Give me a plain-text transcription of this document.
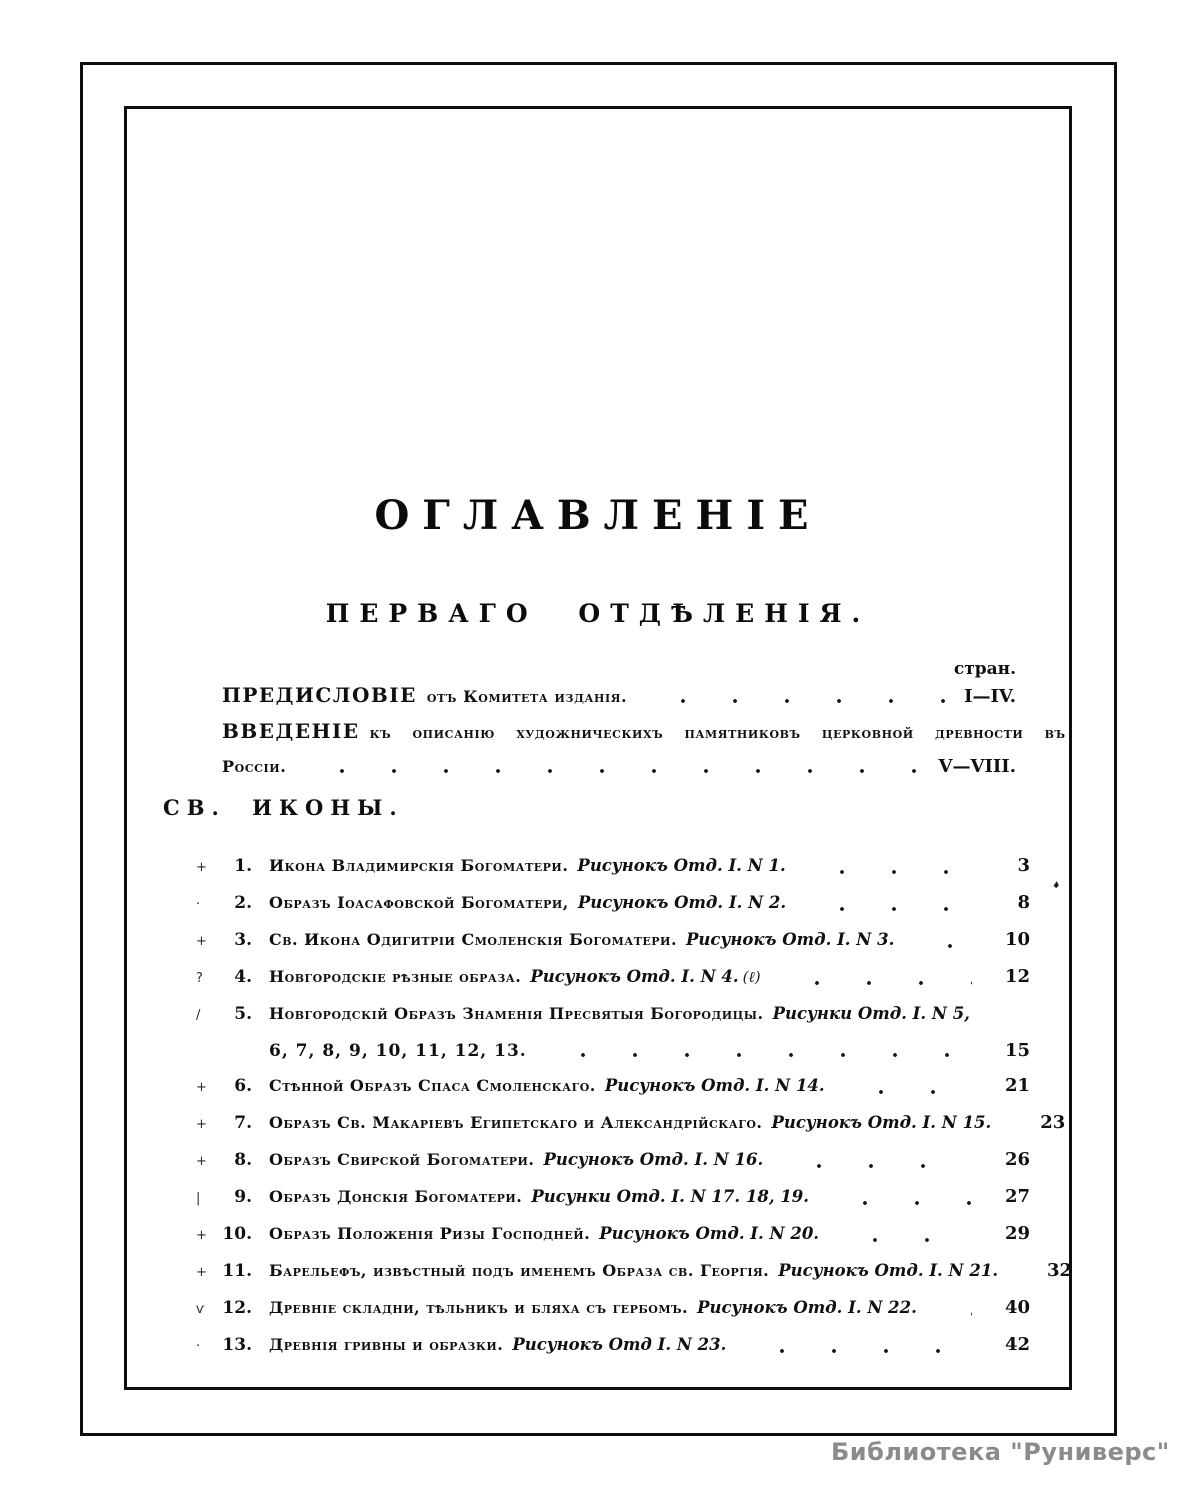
ОГЛАВЛЕНІЕ
ПЕРВАГО ОТДѢЛЕНІЯ.
стран.
ПРЕДИСЛОВІЕ отъ Комитета изданія.	I—IV.
ВВЕДЕНІЕ къ описанію художническихъ памятниковъ церковной древности въ
Россіи.	V—VIII.
СВ. ИКОНЫ.
+	1. Икона Владимирскія Богоматери. Рисунокъ Отд. I. N 1.	3
·	2. Образъ Іоасафовской Богоматери, Рисунокъ Отд. I. N 2.	8
+	3. Св. Икона Одигитріи Смоленскія Богоматери. Рисунокъ Отд. I. N 3.	10
?	4. Новгородскіе рѣзные образа. Рисунокъ Отд. I. N 4. (ℓ)	12
/	5. Новгородскій Образъ Знаменія Пресвятыя Богородицы. Рисунки Отд. I. N 5,
6, 7, 8, 9, 10, 11, 12, 13.	15
+	6. Стѣнной Образъ Спаса Смоленскаго. Рисунокъ Отд. I. N 14.	21
+	7. Образъ Св. Макаріевъ Египетскаго и Александрійскаго. Рисунокъ Отд. I. N 15.	23
+	8. Образъ Свирской Богоматери. Рисунокъ Отд. I. N 16.	26
|	9. Образъ Донскія Богоматери. Рисунки Отд. I. N 17. 18, 19.	27
+ 10. Образъ Положенія Ризы Господней. Рисунокъ Отд. I. N 20.	29
+ 11. Барельефъ, извѣстный подъ именемъ Образа св. Георгія. Рисунокъ Отд. I. N 21.	32
ѵ	12. Древніе складни, тѣльникъ и бляха съ гербомъ. Рисунокъ Отд. I. N 22.	40
·	13. Древнія гривны и образки. Рисунокъ Отд I. N 23.	42
Библиотека "Руниверс"
